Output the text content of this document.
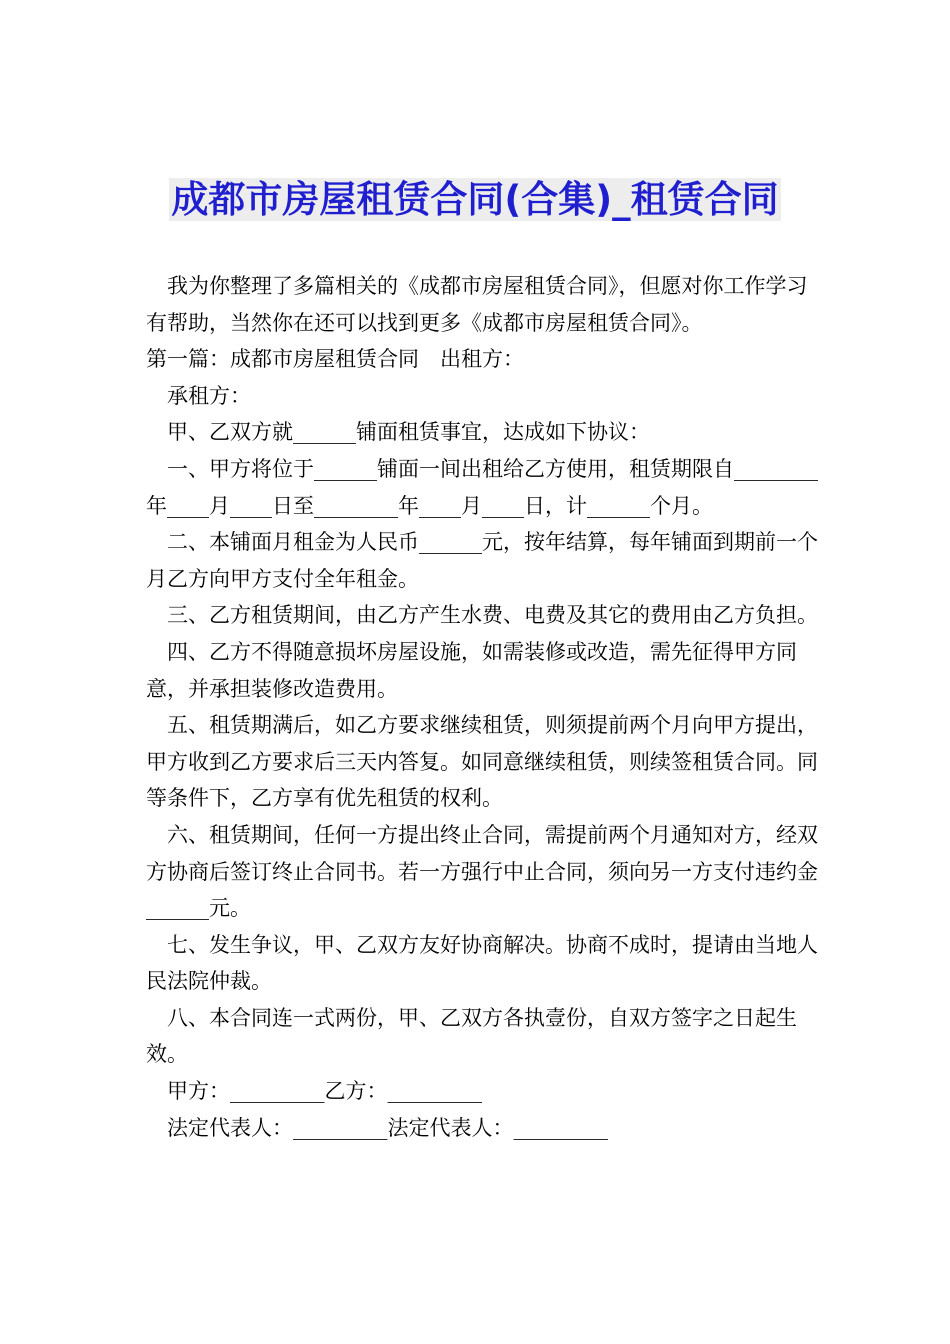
成都市房屋租赁合同(合集)_租赁合同

我为你整理了多篇相关的《成都市房屋租赁合同》，但愿对你工作学习有帮助，当然你在还可以找到更多《成都市房屋租赁合同》。

第一篇：成都市房屋租赁合同　出租方：

承租方：

甲、乙双方就______铺面租赁事宜，达成如下协议：

一、甲方将位于______铺面一间出租给乙方使用，租赁期限自________年____月____日至________年____月____日，计______个月。

二、本铺面月租金为人民币______元，按年结算，每年铺面到期前一个月乙方向甲方支付全年租金。

三、乙方租赁期间，由乙方产生水费、电费及其它的费用由乙方负担。

四、乙方不得随意损坏房屋设施，如需装修或改造，需先征得甲方同意，并承担装修改造费用。

五、租赁期满后，如乙方要求继续租赁，则须提前两个月向甲方提出，甲方收到乙方要求后三天内答复。如同意继续租赁，则续签租赁合同。同等条件下，乙方享有优先租赁的权利。

六、租赁期间，任何一方提出终止合同，需提前两个月通知对方，经双方协商后签订终止合同书。若一方强行中止合同，须向另一方支付违约金______元。

七、发生争议，甲、乙双方友好协商解决。协商不成时，提请由当地人民法院仲裁。

八、本合同连一式两份，甲、乙双方各执壹份，自双方签字之日起生效。

甲方：_________乙方：_________

法定代表人：_________法定代表人：_________
